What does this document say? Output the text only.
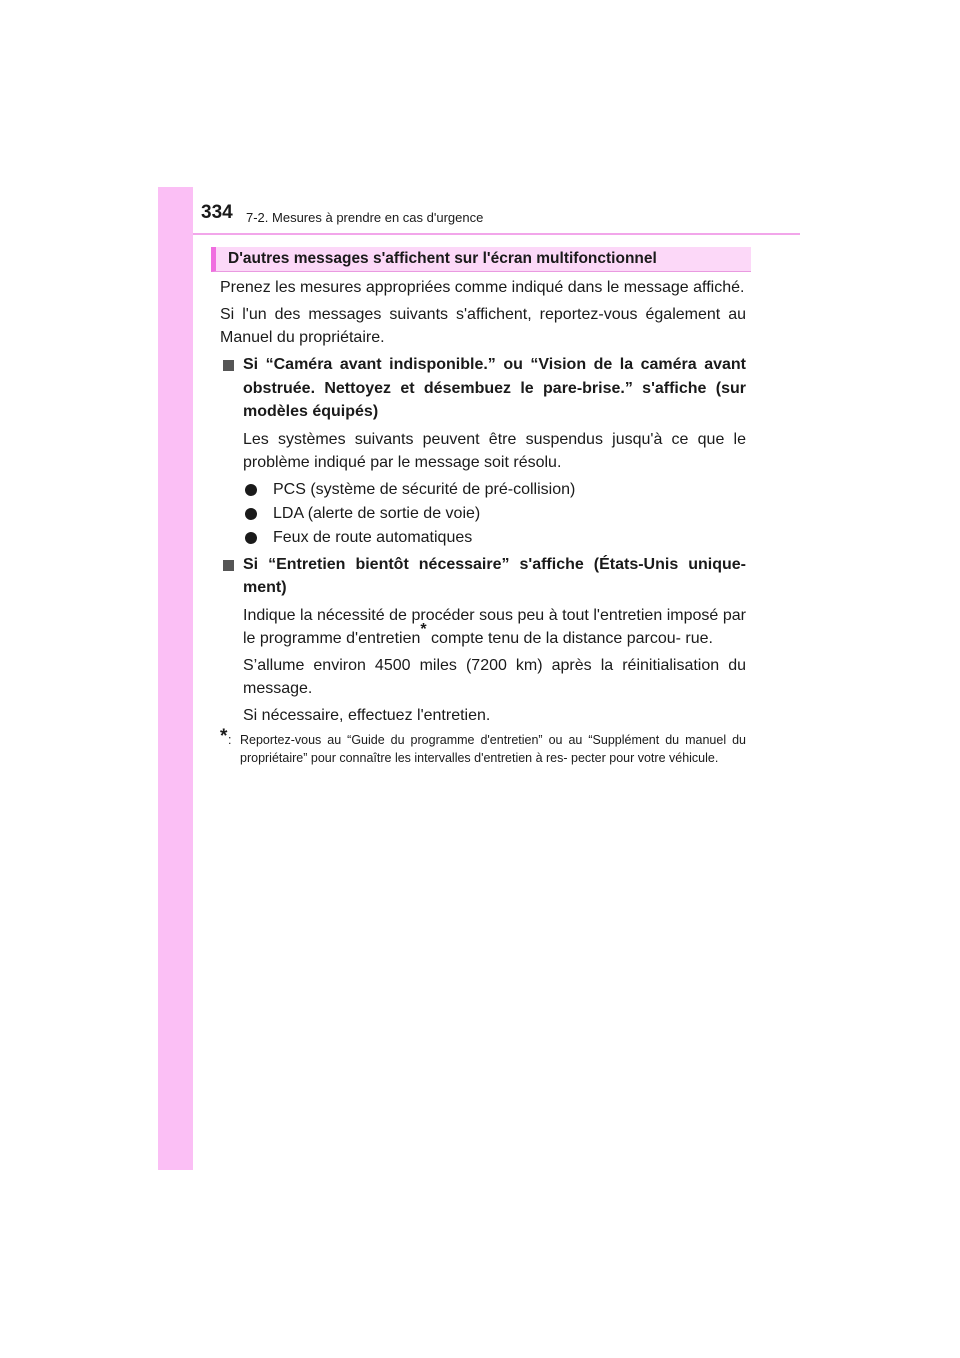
334 7-2. Mesures à prendre en cas d'urgence
D'autres messages s'affichent sur l'écran multifonctionnel

Prenez les mesures appropriées comme indiqué dans le message affiché.

Si l'un des messages suivants s'affichent, reportez-vous également au Manuel du propriétaire.

Si “Caméra avant indisponible.” ou “Vision de la caméra avant obstruée. Nettoyez et désembuez le pare-brise.” s'affiche (sur modèles équipés)

Les systèmes suivants peuvent être suspendus jusqu'à ce que le problème indiqué par le message soit résolu.

PCS (système de sécurité de pré-collision)
LDA (alerte de sortie de voie)
Feux de route automatiques
Si “Entretien bientôt nécessaire” s'affiche (États-Unis unique- ment)

Indique la nécessité de procéder sous peu à tout l'entretien imposé par le programme d'entretien* compte tenu de la distance parcou- rue.

S’allume environ 4500 miles (7200 km) après la réinitialisation du message.

Si nécessaire, effectuez l'entretien.

* : Reportez-vous au “Guide du programme d'entretien” ou au “Supplément du manuel du propriétaire” pour connaître les intervalles d'entretien à res- pecter pour votre véhicule.
